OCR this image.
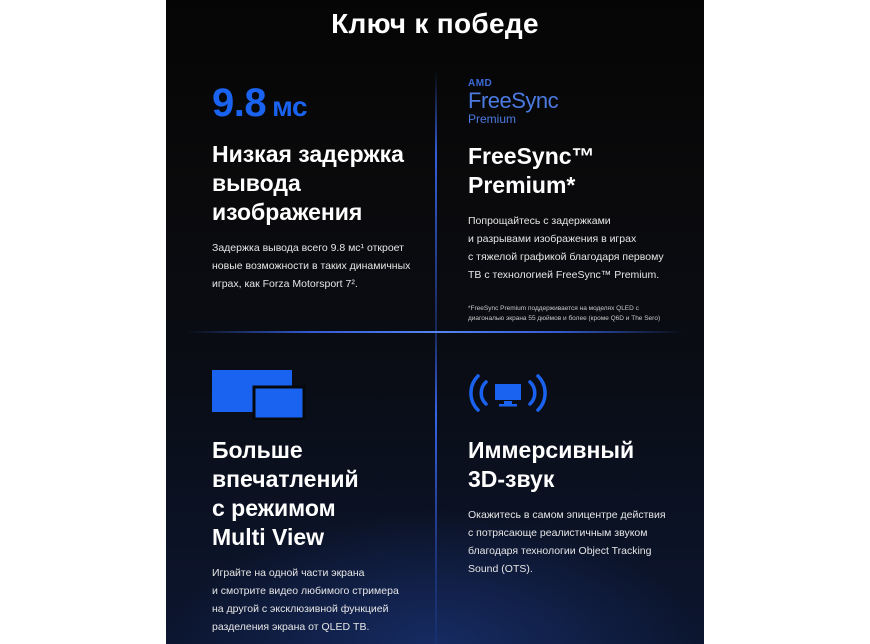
Ключ к победе
9.8 мс
Низкая задержка
вывода
изображения
Задержка вывода всего 9.8 мс¹ откроет
новые возможности в таких динамичных
играх, как Forza Motorsport 7².
AMD
FreeSync
Premium
FreeSync™
Premium*
Попрощайтесь с задержками
и разрывами изображения в играх
с тяжелой графикой благодаря первому
ТВ с технологией FreeSync™ Premium.
*FreeSync Premium поддерживается на моделях QLED с
диагональю экрана 55 дюймов и более (кроме Q6D и The Sero)
Больше
впечатлений
с режимом
Multi View
Играйте на одной части экрана
и смотрите видео любимого стримера
на другой с эксклюзивной функцией
разделения экрана от QLED ТВ.
Иммерсивный
3D-звук
Окажитесь в самом эпицентре действия
с потрясающе реалистичным звуком
благодаря технологии Object Tracking
Sound (OTS).
